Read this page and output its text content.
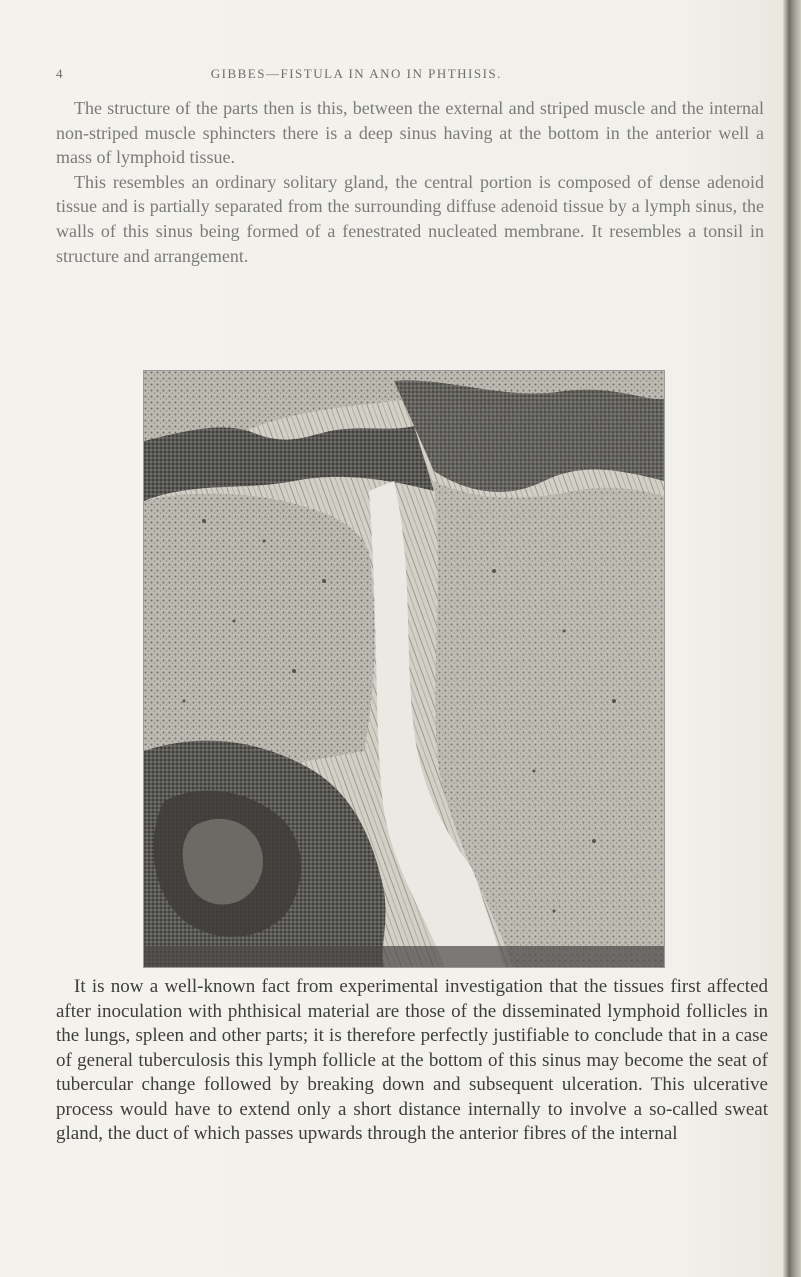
4	GIBBES—FISTULA IN ANO IN PHTHISIS.

The structure of the parts then is this, between the external and striped muscle and the internal non-striped muscle sphincters there is a deep sinus having at the bottom in the anterior well a mass of lymphoid tissue.

This resembles an ordinary solitary gland, the central portion is composed of dense adenoid tissue and is partially separated from the surrounding diffuse adenoid tissue by a lymph sinus, the walls of this sinus being formed of a fenestrated nucleated membrane. It resembles a tonsil in structure and arrangement.

It is now a well-known fact from experimental investigation that the tissues first affected after inoculation with phthisical material are those of the disseminated lymphoid follicles in the lungs, spleen and other parts; it is therefore perfectly justifiable to conclude that in a case of general tuberculosis this lymph follicle at the bottom of this sinus may become the seat of tubercular change followed by breaking down and subsequent ulceration. This ulcerative process would have to extend only a short distance internally to involve a so-called sweat gland, the duct of which passes upwards through the anterior fibres of the internal
